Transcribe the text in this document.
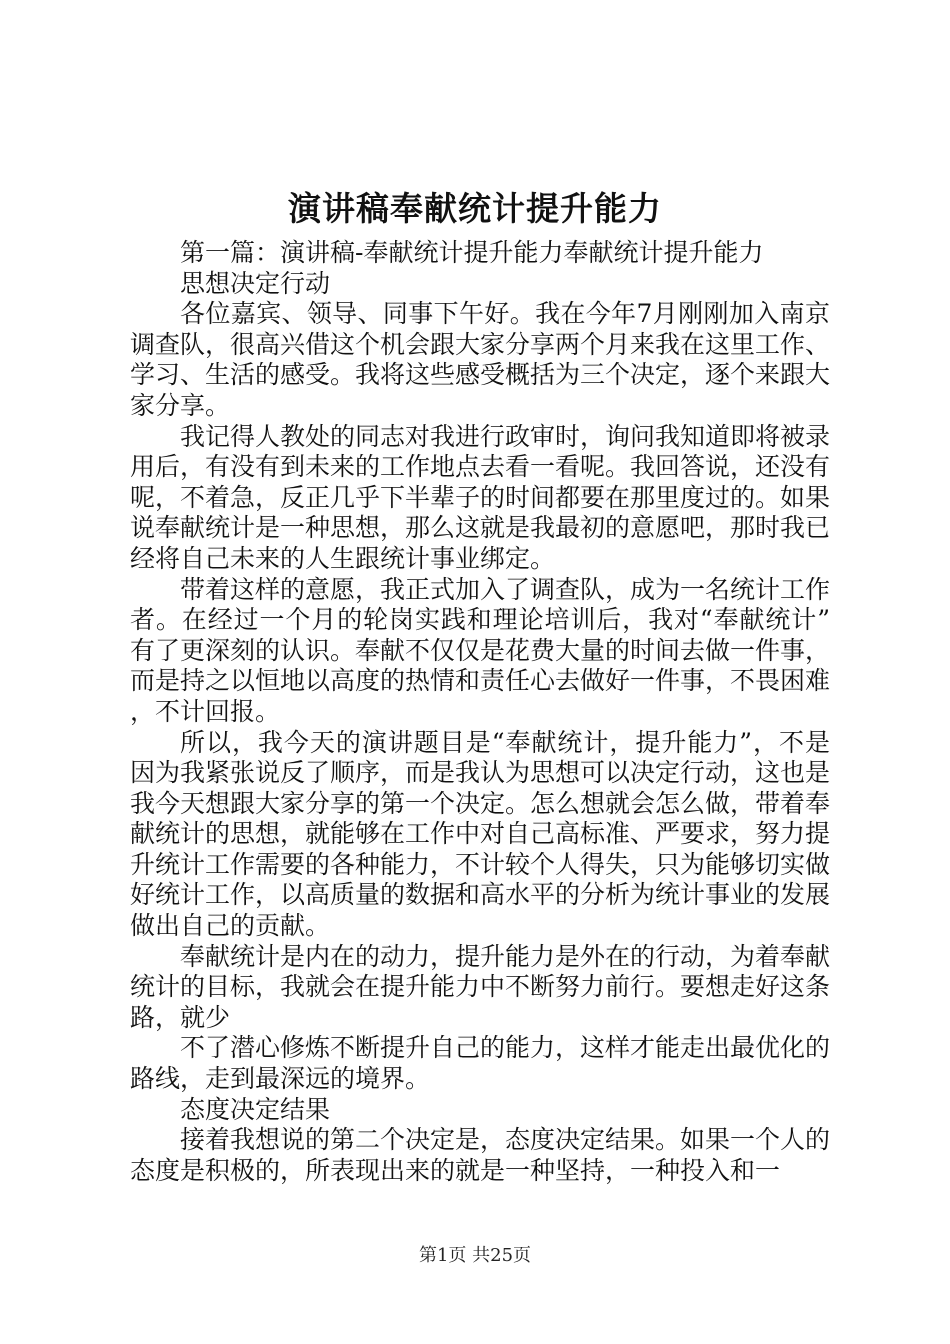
演讲稿奉献统计提升能力

第一篇：演讲稿-奉献统计提升能力奉献统计提升能力

思想决定行动

各位嘉宾、领导、同事下午好。我在今年7月刚刚加入南京调查队，很高兴借这个机会跟大家分享两个月来我在这里工作、学习、生活的感受。我将这些感受概括为三个决定，逐个来跟大家分享。

我记得人教处的同志对我进行政审时，询问我知道即将被录用后，有没有到未来的工作地点去看一看呢。我回答说，还没有呢，不着急，反正几乎下半辈子的时间都要在那里度过的。如果说奉献统计是一种思想，那么这就是我最初的意愿吧，那时我已经将自己未来的人生跟统计事业绑定。

带着这样的意愿，我正式加入了调查队，成为一名统计工作者。在经过一个月的轮岗实践和理论培训后，我对“奉献统计”有了更深刻的认识。奉献不仅仅是花费大量的时间去做一件事，而是持之以恒地以高度的热情和责任心去做好一件事，不畏困难，不计回报。

所以，我今天的演讲题目是“奉献统计，提升能力”，不是因为我紧张说反了顺序，而是我认为思想可以决定行动，这也是我今天想跟大家分享的第一个决定。怎么想就会怎么做，带着奉献统计的思想，就能够在工作中对自己高标准、严要求，努力提升统计工作需要的各种能力，不计较个人得失，只为能够切实做好统计工作，以高质量的数据和高水平的分析为统计事业的发展做出自己的贡献。

奉献统计是内在的动力，提升能力是外在的行动，为着奉献统计的目标，我就会在提升能力中不断努力前行。要想走好这条路，就少

不了潜心修炼不断提升自己的能力，这样才能走出最优化的路线，走到最深远的境界。

态度决定结果

接着我想说的第二个决定是，态度决定结果。如果一个人的态度是积极的，所表现出来的就是一种坚持，一种投入和一

第1页 共25页
